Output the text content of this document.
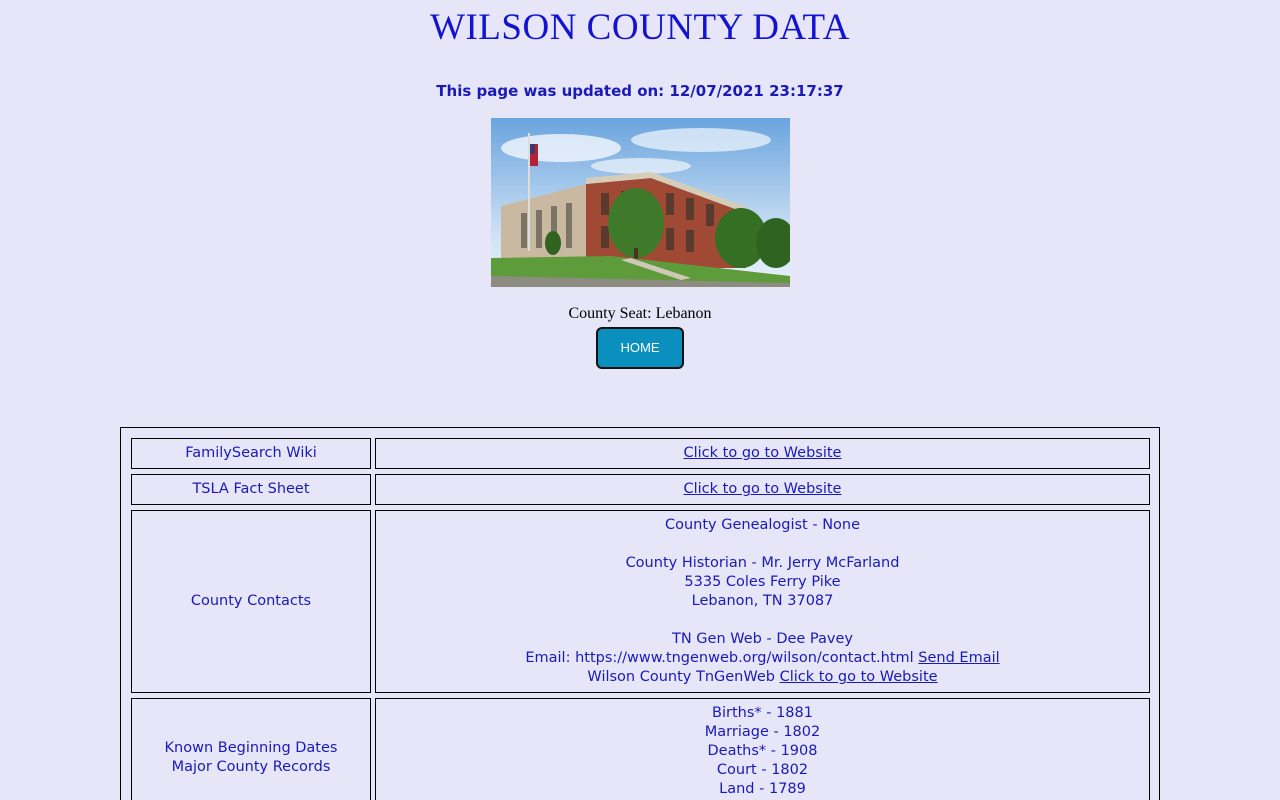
WILSON COUNTY DATA
This page was updated on: 12/07/2021 23:17:37
County Seat: Lebanon
HOME
FamilySearch Wiki	Click to go to Website
TSLA Fact Sheet	Click to go to Website
County Contacts
County Genealogist - None
County Historian - Mr. Jerry McFarland
5335 Coles Ferry Pike
Lebanon, TN 37087
TN Gen Web - Dee Pavey
Email: https://www.tngenweb.org/wilson/contact.html Send Email
Wilson County TnGenWeb Click to go to Website
Known Beginning Dates
Major County Records
Births* - 1881
Marriage - 1802
Deaths* - 1908
Court - 1802
Land - 1789
